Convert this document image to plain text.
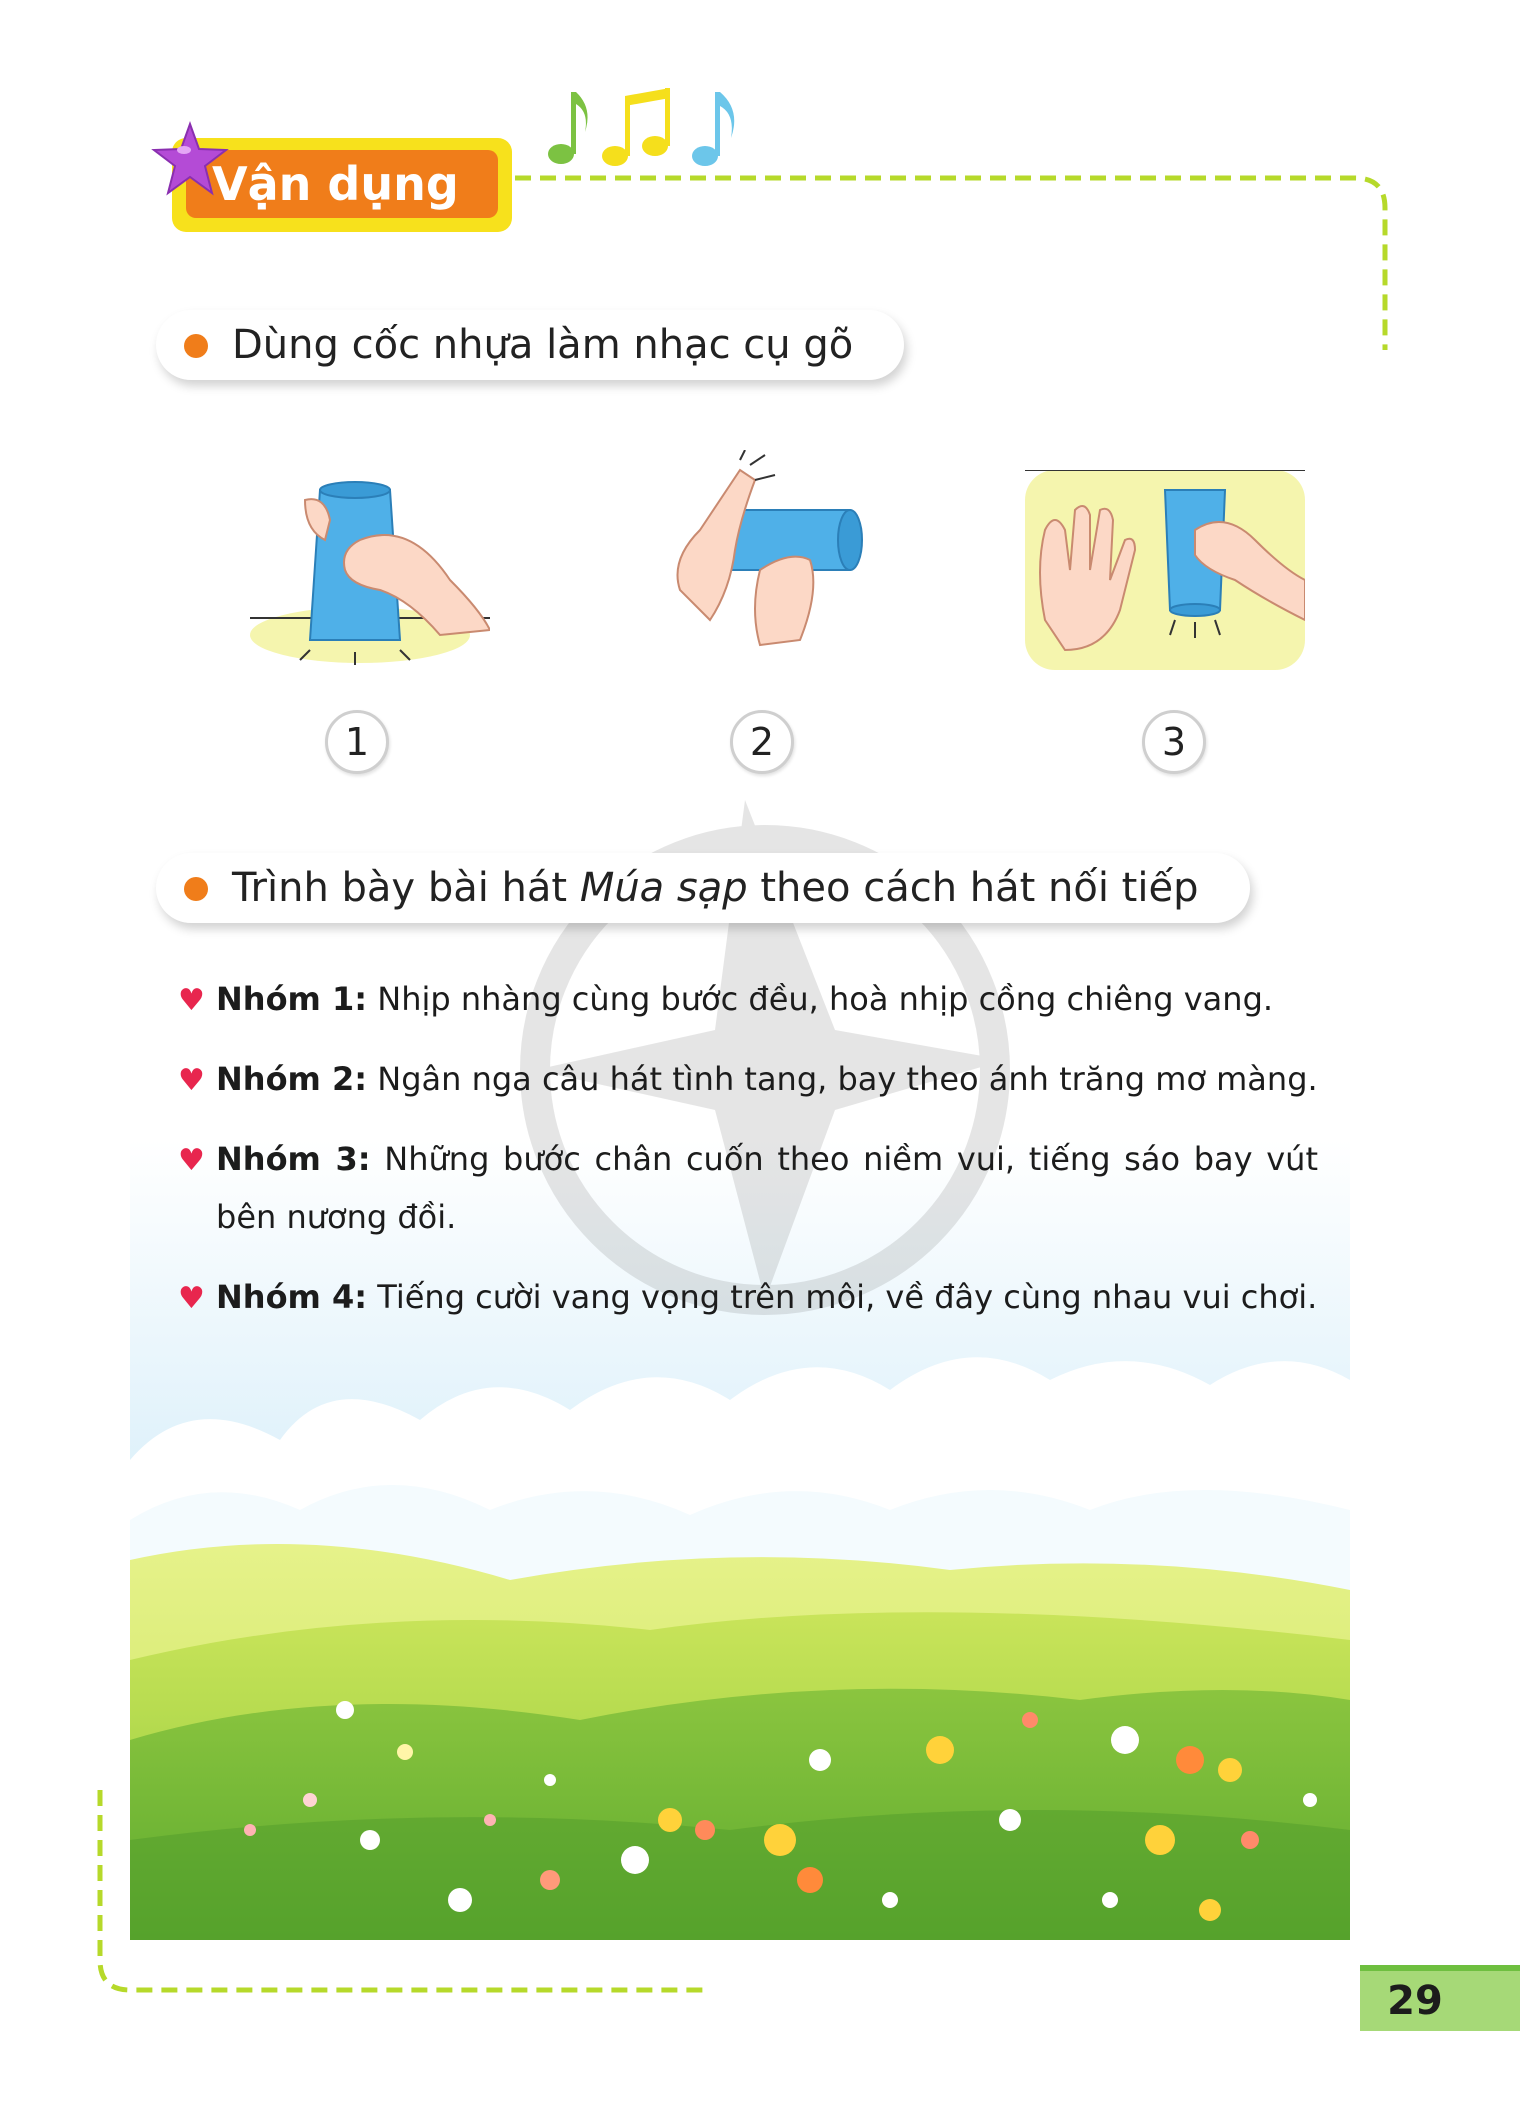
Vận dụng
Dùng cốc nhựa làm nhạc cụ gõ
1	2	3
Trình bày bài hát Múa sạp theo cách hát nối tiếp
♥ Nhóm 1: Nhịp nhàng cùng bước đều, hoà nhịp cồng chiêng vang.
♥ Nhóm 2: Ngân nga câu hát tình tang, bay theo ánh trăng mơ màng.
♥ Nhóm 3: Những bước chân cuốn theo niềm vui, tiếng sáo bay vút bên nương đồi.
♥ Nhóm 4: Tiếng cười vang vọng trên môi, về đây cùng nhau vui chơi.
29
